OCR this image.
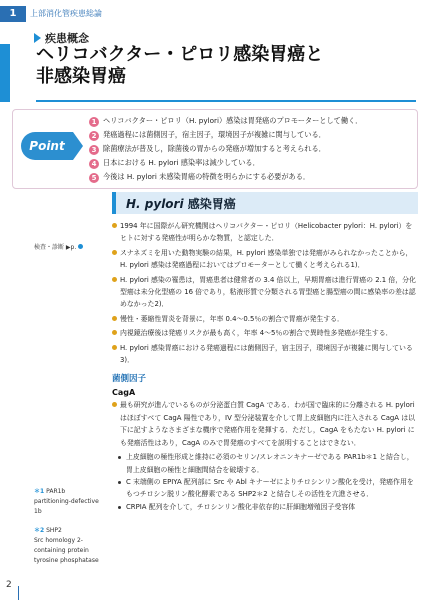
1	上部消化管疾患総論
疾患概念
ヘリコバクター・ピロリ感染胃癌と
非感染胃癌
Point
1 ヘリコバクター・ピロリ（H. pylori）感染は胃発癌のプロモーターとして働く．
2 発癌過程には菌側因子，宿主因子，環境因子が複雑に関与している．
3 除菌療法が普及し，除菌後の胃からの発癌が増加すると考えられる．
4 日本における H. pylori 感染率は減少している．
5 今後は H. pylori 未感染胃癌の特徴を明らかにする必要がある．
H. pylori 感染胃癌
検査・診断 ▶p.

1994 年に国際がん研究機関はヘリコバクター・ピロリ（Helicobacter pylori：H. pylori）をヒトに対する発癌性が明らかな物質，と認定した．

スナネズミを用いた動物実験の結果，H. pylori 感染単独では発癌がみられなかったことから，H. pylori 感染は発癌過程においてはプロモーターとして働くと考えられる1)．

H. pylori 感染の罹患は，胃癌患者は健常者の 3.4 倍以上，早期胃癌は進行胃癌の 2.1 倍，分化型癌は未分化型癌の 16 倍であり，粘液形質で分類される胃型癌と腸型癌の間に感染率の差は認めなかった2)．

慢性・萎縮性胃炎を背景に，年率 0.4〜0.5％の割合で胃癌が発生する．

内視鏡治療後は発癌リスクが最も高く，年率 4〜5％の割合で異時性多発癌が発生する．

H. pylori 感染胃癌における発癌過程には菌側因子，宿主因子，環境因子が複雑に関与している3)．

菌側因子
CagA

最も研究が進んでいるものが分泌蛋白質 CagA である．わが国で臨床的に分離される H. pylori はほぼすべて CagA 陽性であり，IV 型分泌装置を介して胃上皮細胞内に注入される CagA は以下に記すようなさまざまな機序で発癌作用を発揮する．ただし，CagA をもたない H. pylori にも発癌活性はあり，CagA のみで胃発癌のすべてを説明することはできない．

上皮細胞の極性形成と維持に必須のセリン/スレオニンキナーゼである PAR1b＊1 と結合し，胃上皮細胞の極性と細胞間結合を破壊する．

C 末端側の EPIYA 配列部に Src や Abl キナーゼによりチロシンリン酸化を受け，発癌作用をもつチロシン脱リン酸化酵素である SHP2＊2 と結合しその活性を亢進させる．

CRPIA 配列を介して，チロシンリン酸化非依存的に肝細胞増殖因子受容体

＊1 PAR1b
partitioning-defective 1b
＊2 SHP2
Src homology 2-containing protein tyrosine phosphatase
2
